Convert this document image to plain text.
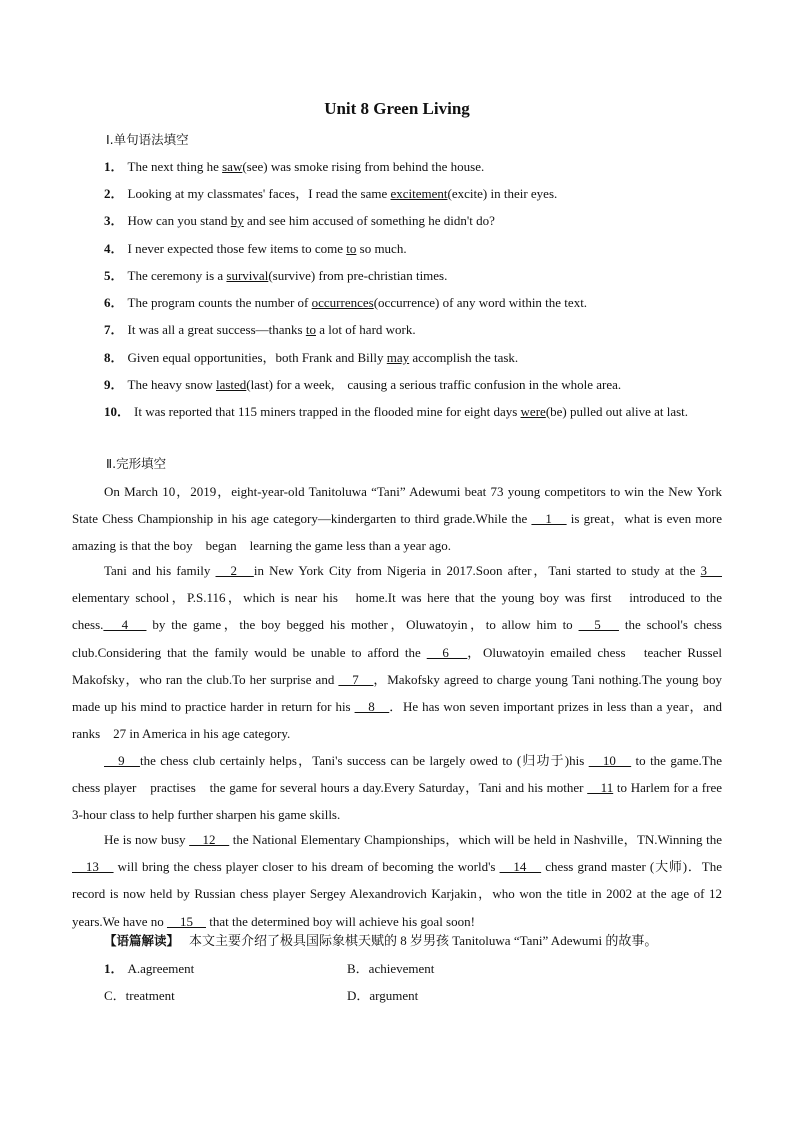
Unit 8 Green Living
Ⅰ.单句语法填空
1． The next thing he saw(see) was smoke rising from behind the house.
2． Looking at my classmates' faces，I read the same excitement(excite) in their eyes.
3． How can you stand by and see him accused of something he didn't do?
4． I never expected those few items to come to so much.
5． The ceremony is a survival(survive) from pre-christian times.
6． The program counts the number of occurrences(occurrence) of any word within the text.
7． It was all a great success—thanks to a lot of hard work.
8． Given equal opportunities，both Frank and Billy may accomplish the task.
9． The heavy snow lasted(last) for a week,　causing a serious traffic confusion in the whole area.
10． It was reported that 115 miners trapped in the flooded mine for eight days were(be) pulled out alive at last.
Ⅱ.完形填空
On March 10，2019，eight-year-old Tanitoluwa “Tani” Adewumi beat 73 young competitors to win the New York State Chess Championship in his age category—kindergarten to third grade.While the 　1　 is great，what is even more amazing is that the boy　began　learning the game less than a year ago.
Tani and his family 　2　in New York City from Nigeria in 2017.Soon after，Tani started to study at the 3　 elementary school，P.S.116，which is near his　home.It was here that the young boy was first　introduced to the chess.　4　 by the game，the boy begged his mother，Oluwatoyin，to allow him to 　5　 the school's chess club.Considering that the family would be unable to afford the 　6　，Oluwatoyin emailed chess　teacher Russel Makofsky，who ran the club.To her surprise and 　7　，Makofsky agreed to charge young Tani nothing.The young boy made up his mind to practice harder in return for his 　8　．He has won seven important prizes in less than a year，and　ranks　27 in America in his age category.
　9　the chess club certainly helps，Tani's success can be largely owed to (归功于)his 　10　 to the game.The chess player　practises　the game for several hours a day.Every Saturday，Tani and his mother 　11 to Harlem for a free 3-hour class to help further sharpen his game skills.
He is now busy 　12　 the National Elementary Championships，which will be held in Nashville，TN.Winning the 　13　 will bring the chess player closer to his dream of becoming the world's 　14　 chess grand master (大师)．The record is now held by Russian chess player Sergey Alexandrovich Karjakin，who won the title in 2002 at the age of 12 years.We have no 　15　 that the determined boy will achieve his goal soon!
【语篇解读】 本文主要介绍了极具国际象棋天赋的 8 岁男孩 Tanitoluwa “Tani” Adewumi 的故事。
1． A.agreement	B．achievement
C．treatment	D．argument
